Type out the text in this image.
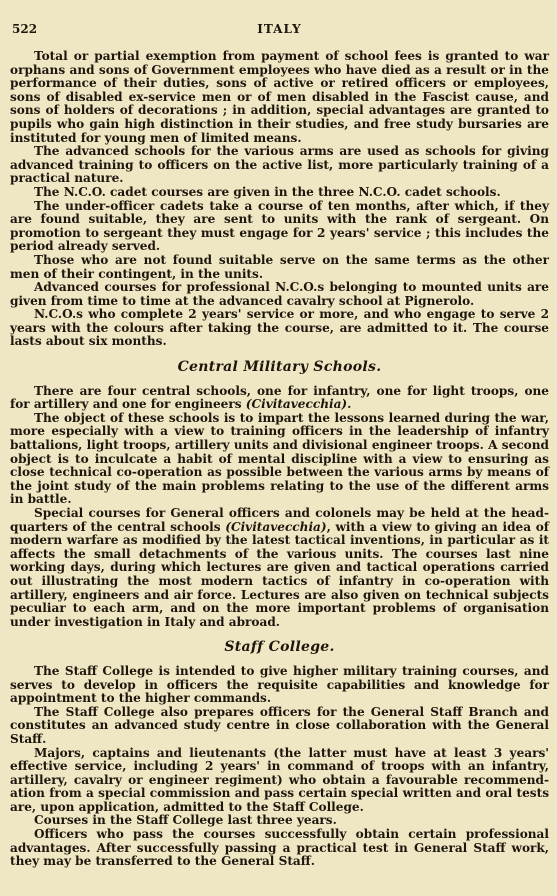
522	ITALY

Total or partial exemption from payment of school fees is granted to war orphans and sons of Government employees who have died as a result or in the performance of their duties, sons of active or retired officers or employees, sons of disabled ex-service men or of men disabled in the Fascist cause, and sons of holders of decorations ; in addition, special advantages are granted to pupils who gain high distinction in their studies, and free study bursaries are instituted for young men of limited means.

The advanced schools for the various arms are used as schools for giving advanced training to officers on the active list, more particularly training of a practical nature.

The N.C.O. cadet courses are given in the three N.C.O. cadet schools.

The under-officer cadets take a course of ten months, after which, if they are found suitable, they are sent to units with the rank of sergeant. On promotion to sergeant they must engage for 2 years' service ; this includes the period already served.

Those who are not found suitable serve on the same terms as the other men of their contingent, in the units.

Advanced courses for professional N.C.O.s belonging to mounted units are given from time to time at the advanced cavalry school at Pignerolo.

N.C.O.s who complete 2 years' service or more, and who engage to serve 2 years with the colours after taking the course, are admitted to it. The course lasts about six months.

Central Military Schools.

There are four central schools, one for infantry, one for light troops, one for artillery and one for engineers (Civitavecchia).

The object of these schools is to impart the lessons learned during the war, more especially with a view to training officers in the leadership of infantry battalions, light troops, artillery units and divisional engineer troops. A second object is to inculcate a habit of mental discipline with a view to ensuring as close technical co-operation as possible between the various arms by means of the joint study of the main problems relating to the use of the different arms in battle.

Special courses for General officers and colonels may be held at the head-quarters of the central schools (Civitavecchia), with a view to giving an idea of modern warfare as modified by the latest tactical inventions, in particular as it affects the small detachments of the various units. The courses last nine working days, during which lectures are given and tactical operations carried out illustrating the most modern tactics of infantry in co-operation with artillery, engineers and air force. Lectures are also given on technical subjects peculiar to each arm, and on the more important problems of organisation under investigation in Italy and abroad.

Staff College.

The Staff College is intended to give higher military training courses, and serves to develop in officers the requisite capabilities and knowledge for appointment to the higher commands.

The Staff College also prepares officers for the General Staff Branch and constitutes an advanced study centre in close collaboration with the General Staff.

Majors, captains and lieutenants (the latter must have at least 3 years' effective service, including 2 years' in command of troops with an infantry, artillery, cavalry or engineer regiment) who obtain a favourable recommend-ation from a special commission and pass certain special written and oral tests are, upon application, admitted to the Staff College.

Courses in the Staff College last three years.

Officers who pass the courses successfully obtain certain professional advantages. After successfully passing a practical test in General Staff work, they may be transferred to the General Staff.
